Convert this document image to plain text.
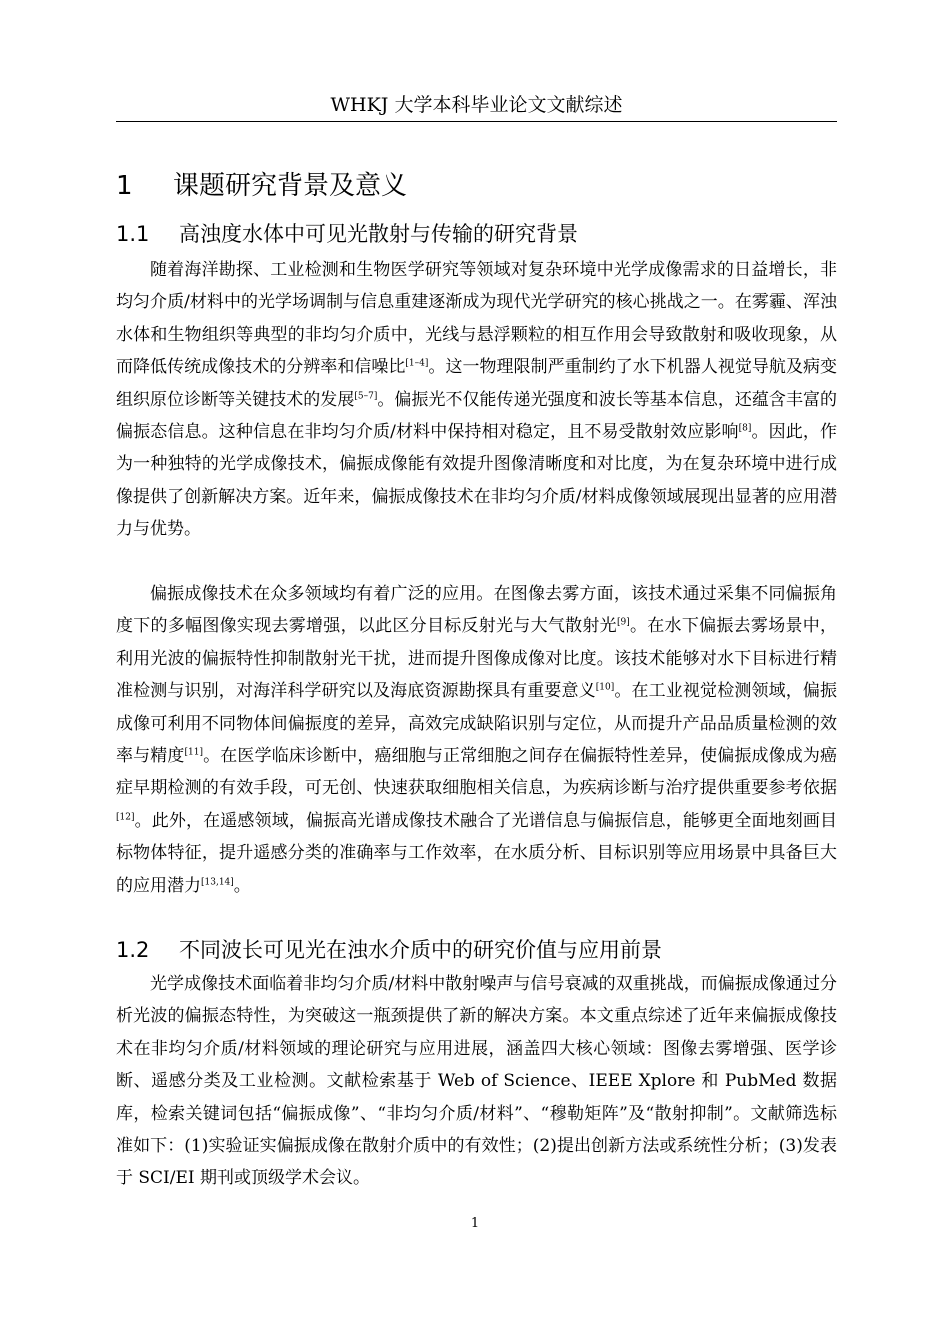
WHKJ 大学本科毕业论文文献综述
1 课题研究背景及意义
1.1 高浊度水体中可见光散射与传输的研究背景

随着海洋勘探、工业检测和生物医学研究等领域对复杂环境中光学成像需求的日益增长，非均匀介质/材料中的光学场调制与信息重建逐渐成为现代光学研究的核心挑战之一。在雾霾、浑浊水体和生物组织等典型的非均匀介质中，光线与悬浮颗粒的相互作用会导致散射和吸收现象，从而降低传统成像技术的分辨率和信噪比[1–4]。这一物理限制严重制约了水下机器人视觉导航及病变组织原位诊断等关键技术的发展[5–7]。偏振光不仅能传递光强度和波长等基本信息，还蕴含丰富的偏振态信息。这种信息在非均匀介质/材料中保持相对稳定，且不易受散射效应影响[8]。因此，作为一种独特的光学成像技术，偏振成像能有效提升图像清晰度和对比度，为在复杂环境中进行成像提供了创新解决方案。近年来，偏振成像技术在非均匀介质/材料成像领域展现出显著的应用潜力与优势。

偏振成像技术在众多领域均有着广泛的应用。在图像去雾方面，该技术通过采集不同偏振角度下的多幅图像实现去雾增强，以此区分目标反射光与大气散射光[9]。在水下偏振去雾场景中，利用光波的偏振特性抑制散射光干扰，进而提升图像成像对比度。该技术能够对水下目标进行精准检测与识别，对海洋科学研究以及海底资源勘探具有重要意义[10]。在工业视觉检测领域，偏振成像可利用不同物体间偏振度的差异，高效完成缺陷识别与定位，从而提升产品品质量检测的效率与精度[11]。在医学临床诊断中，癌细胞与正常细胞之间存在偏振特性差异，使偏振成像成为癌症早期检测的有效手段，可无创、快速获取细胞相关信息，为疾病诊断与治疗提供重要参考依据[12]。此外，在遥感领域，偏振高光谱成像技术融合了光谱信息与偏振信息，能够更全面地刻画目标物体特征，提升遥感分类的准确率与工作效率，在水质分析、目标识别等应用场景中具备巨大的应用潜力[13,14]。

1.2 不同波长可见光在浊水介质中的研究价值与应用前景

光学成像技术面临着非均匀介质/材料中散射噪声与信号衰减的双重挑战，而偏振成像通过分析光波的偏振态特性，为突破这一瓶颈提供了新的解决方案。本文重点综述了近年来偏振成像技术在非均匀介质/材料领域的理论研究与应用进展，涵盖四大核心领域：图像去雾增强、医学诊断、遥感分类及工业检测。文献检索基于 Web of Science、IEEE Xplore 和 PubMed 数据库，检索关键词包括“偏振成像”、“非均匀介质/材料”、“穆勒矩阵”及“散射抑制”。文献筛选标准如下：(1)实验证实偏振成像在散射介质中的有效性；(2)提出创新方法或系统性分析；(3)发表于 SCI/EI 期刊或顶级学术会议。

1
